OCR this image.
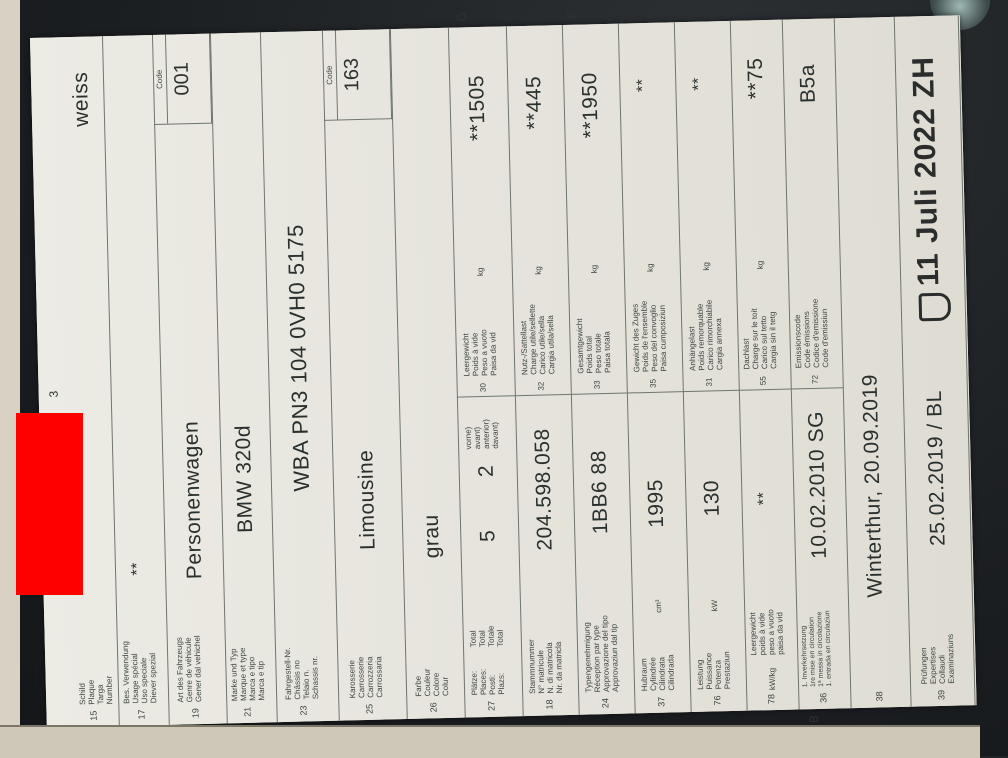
3
15
Schild
Plaque
Targa
Number
weiss
17
Bes. Verwendung
Usage spécial
Uso speciale
Diever spezial
**
19
Art des Fahrzeugs
Genre de véhicule
Gener dal vehichel
Personenwagen
Code 001
21
Marke und Typ
Marque et type
Marca e tipo
Marca e tip
BMW 320d
23
Fahrgestell-Nr.
Châssis no
Telaio n.
Schassis nr.
WBA PN3 104 0VH0 5175
25
Karosserie
Carrosserie
Carrozzeria
Carrossaria
Limousine
Code 163
26
Farbe
Couleur
Colore
Colur
grau
27
Plätze:
Places:
Posti:
Plazs:
Total
Total
Totale
Total
5
2
vorne)
avant)
anterior)
davant)
30
Leergewicht
Poids à vide
Peso a vuoto
Paisa da vid
kg
**1505
18
Stammnummer
N° matricule
N. di matricola
Nr. da matricla
204.598.058
32
Nutz-/Sattellast
Charge utile/sellette
Carico utile/sella
Cargia utila/sella
kg
**445
24
Typengenehmigung
Réception par type
Approvazione del tipo
Approvaziun dal tip
1BB6 88
33
Gesamtgewicht
Poids total
Peso totale
Paisa totala
kg
**1950
37
Hubraum
Cylindrée
Cilindrata
Cilindrada
cm³
1995
35
Gewicht des Zuges
Poids de l'ensemble
Peso del convoglio
Paisa cumposiziun
kg
**
76
Leistung
Puissance
Potenza
Prestaziun
kW
130
31
Anhängelast
Poids remorquable
Carico rimorchiabile
Cargia annexa
kg
**
78
Leergewicht
poids à vide
peso a vuoto
paisa da vid
kW/kg
**
55
Dachlast
Charge sur le toit
Carico sul tetto
Cargia sin il tetg
kg
**75
36
1. Inverkehrsetzung
1re mise en circulation
1ª messa in circolazione
1. entrada en circulaziun
10.02.2010 SG
72
Emissionscode
Code émissions
Codice d'emissione
Code d'emissiun
B5a
38
Winterthur, 20.09.2019
39
Prüfungen
Expertises
Collaudi
Examinaziuns
25.02.2019 / BL
11 Juli 2022 ZH
B
G	F
